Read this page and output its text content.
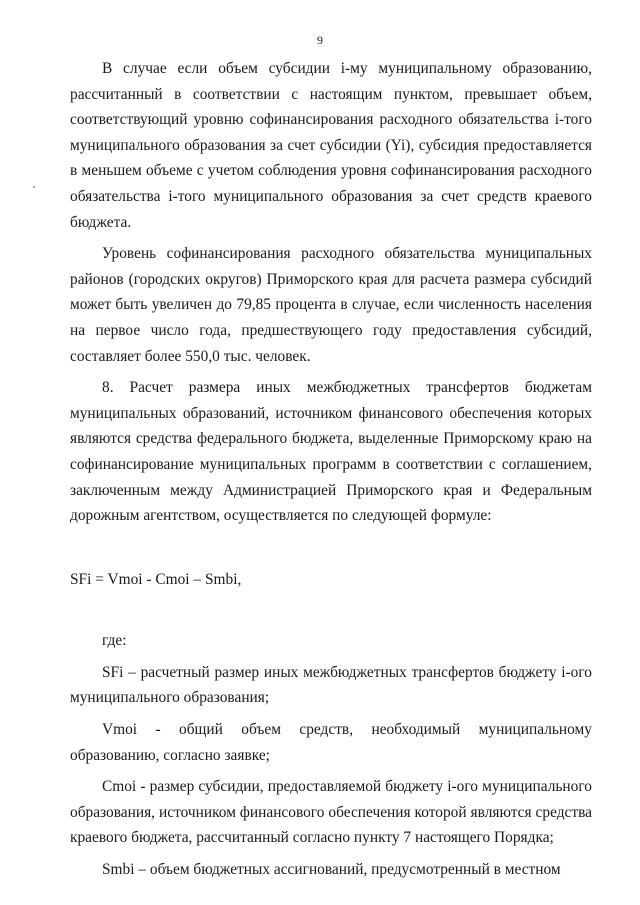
9

В случае если объем субсидии i-му муниципальному образованию, рассчитанный в соответствии с настоящим пунктом, превышает объем, соответствующий уровню софинансирования расходного обязательства i-того муниципального образования за счет субсидии (Yi), субсидия предоставляется в меньшем объеме с учетом соблюдения уровня софинансирования расходного обязательства i-того муниципального образования за счет средств краевого бюджета.

Уровень софинансирования расходного обязательства муниципальных районов (городских округов) Приморского края для расчета размера субсидий может быть увеличен до 79,85 процента в случае, если численность населения на первое число года, предшествующего году предоставления субсидий, составляет более 550,0 тыс. человек.

8. Расчет размера иных межбюджетных трансфертов бюджетам муниципальных образований, источником финансового обеспечения которых являются средства федерального бюджета, выделенные Приморскому краю на софинансирование муниципальных программ в соответствии с соглашением, заключенным между Администрацией Приморского края и Федеральным дорожным агентством, осуществляется по следующей формуле:

SFi = Vmoi - Cmoi – Smbi,

где:

SFi – расчетный размер иных межбюджетных трансфертов бюджету i-ого муниципального образования;

Vmoi - общий объем средств, необходимый муниципальному образованию, согласно заявке;

Cmoi - размер субсидии, предоставляемой бюджету i-ого муниципального образования, источником финансового обеспечения которой являются средства краевого бюджета, рассчитанный согласно пункту 7 настоящего Порядка;

Smbi – объем бюджетных ассигнований, предусмотренный в местном
